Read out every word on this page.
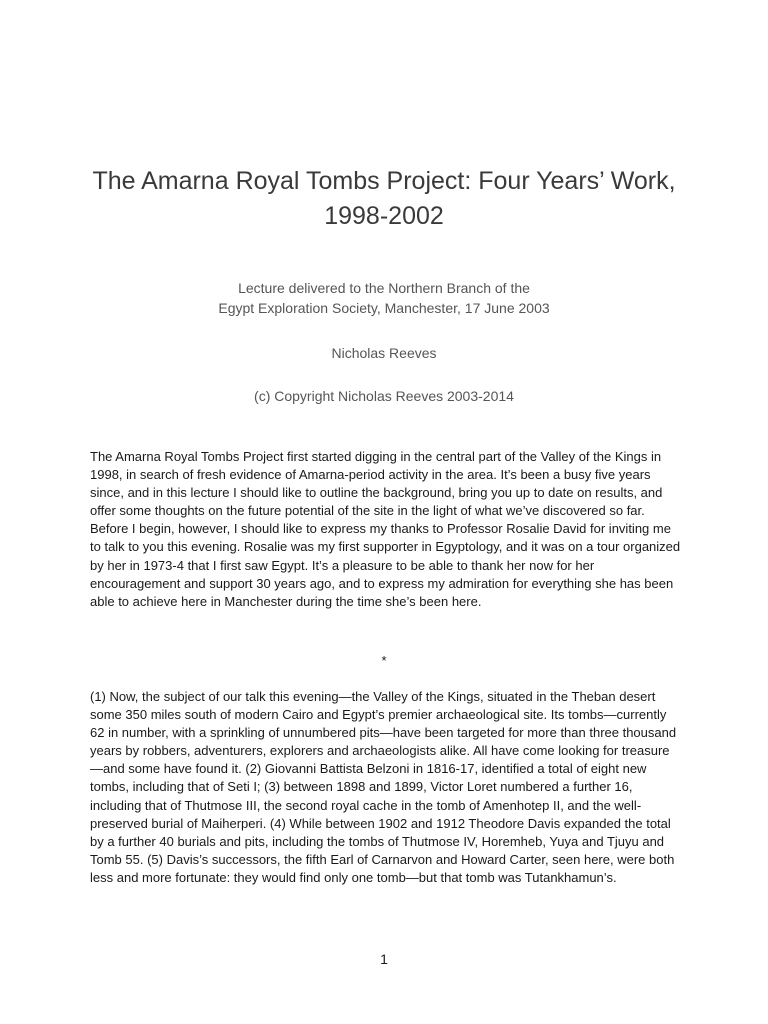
The Amarna Royal Tombs Project: Four Years’ Work, 1998-2002
Lecture delivered to the Northern Branch of the
Egypt Exploration Society, Manchester, 17 June 2003
Nicholas Reeves
(c) Copyright Nicholas Reeves 2003-2014

The Amarna Royal Tombs Project first started digging in the central part of the Valley of the Kings in 1998, in search of fresh evidence of Amarna-period activity in the area. It’s been a busy five years since, and in this lecture I should like to outline the background, bring you up to date on results, and offer some thoughts on the future potential of the site in the light of what we’ve discovered so far. Before I begin, however, I should like to express my thanks to Professor Rosalie David for inviting me to talk to you this evening. Rosalie was my first supporter in Egyptology, and it was on a tour organized by her in 1973-4 that I first saw Egypt. It’s a pleasure to be able to thank her now for her encouragement and support 30 years ago, and to express my admiration for everything she has been able to achieve here in Manchester during the time she’s been here.

*

(1) Now, the subject of our talk this evening—the Valley of the Kings, situated in the Theban desert some 350 miles south of modern Cairo and Egypt’s premier archaeological site. Its tombs—currently 62 in number, with a sprinkling of unnumbered pits—have been targeted for more than three thousand years by robbers, adventurers, explorers and archaeologists alike. All have come looking for treasure—and some have found it. (2) Giovanni Battista Belzoni in 1816-17, identified a total of eight new tombs, including that of Seti I; (3) between 1898 and 1899, Victor Loret numbered a further 16, including that of Thutmose III, the second royal cache in the tomb of Amenhotep II, and the well-preserved burial of Maiherperi. (4) While between 1902 and 1912 Theodore Davis expanded the total by a further 40 burials and pits, including the tombs of Thutmose IV, Horemheb, Yuya and Tjuyu and Tomb 55. (5) Davis’s successors, the fifth Earl of Carnarvon and Howard Carter, seen here, were both less and more fortunate: they would find only one tomb—but that tomb was Tutankhamun’s.

1
